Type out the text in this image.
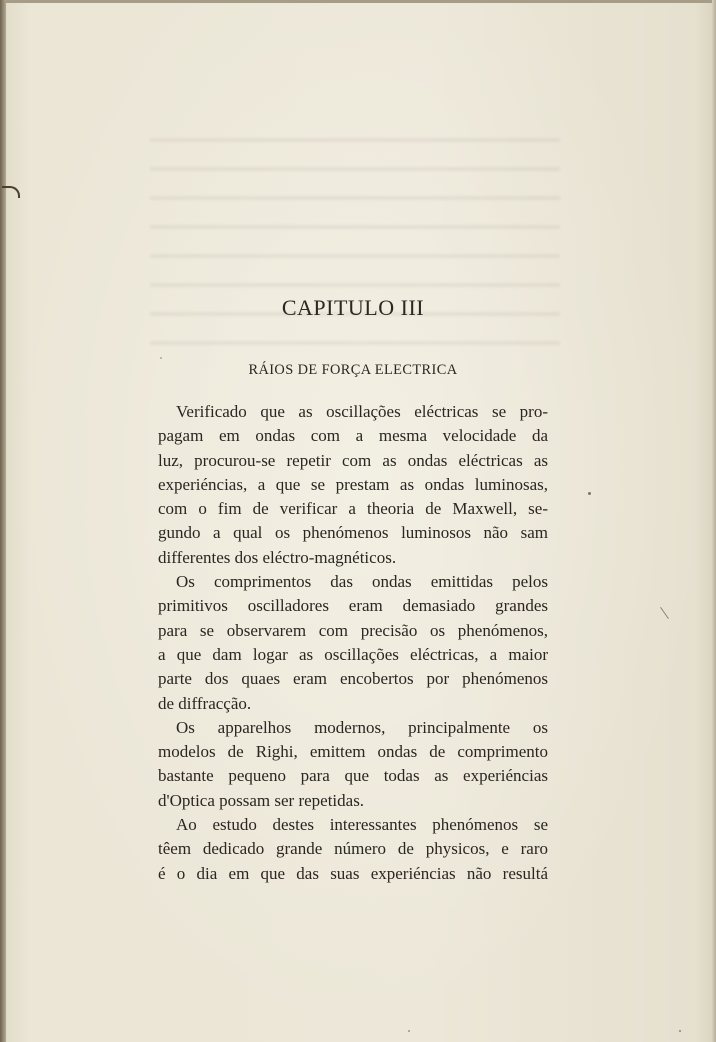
CAPITULO III
RÁIOS DE FORÇA ELECTRICA

Verificado que as oscillações eléctricas se pro-
pagam em ondas com a mesma velocidade da
luz, procurou-se repetir com as ondas eléctricas as
experiéncias, a que se prestam as ondas luminosas,
com o fim de verificar a theoria de Maxwell, se-
gundo a qual os phenómenos luminosos não sam
differentes dos eléctro-magnéticos.

Os comprimentos das ondas emittidas pelos
primitivos oscilladores eram demasiado grandes
para se observarem com precisão os phenómenos,
a que dam logar as oscillações eléctricas, a maior
parte dos quaes eram encobertos por phenómenos
de diffracção.

Os apparelhos modernos, principalmente os
modelos de Righi, emittem ondas de comprimento
bastante pequeno para que todas as experiéncias
d'Optica possam ser repetidas.

Ao estudo destes interessantes phenómenos se
têem dedicado grande número de physicos, e raro
é o dia em que das suas experiéncias não resultá
